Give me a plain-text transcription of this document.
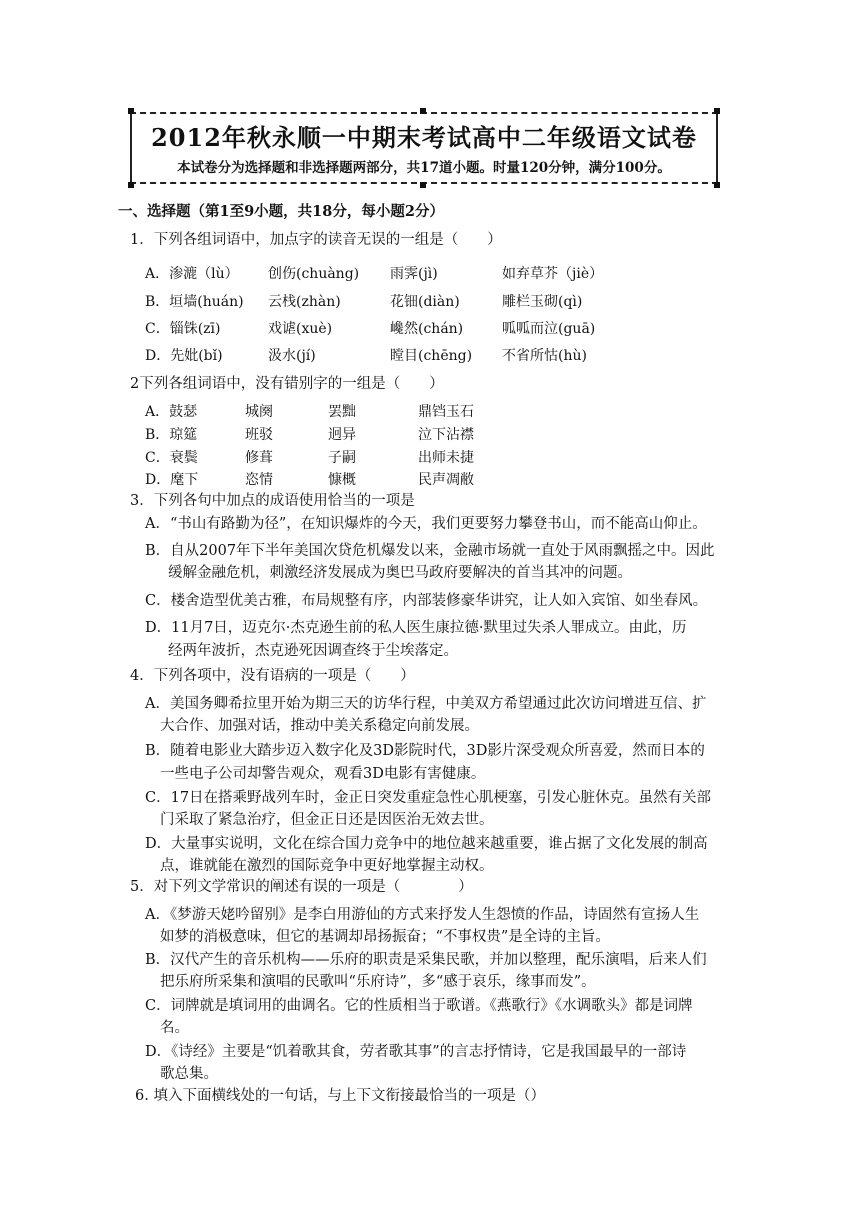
2012年秋永顺一中期末考试高中二年级语文试卷
本试卷分为选择题和非选择题两部分，共17道小题。时量120分钟，满分100分。
一、选择题（第1至9小题，共18分，每小题2分）
1．下列各组词语中，加点字的读音无误的一组是（　　）
A．渗漉（lù） 创伤(chuàng) 雨霁(jì)	如弃草芥（jiè）
B．垣墙(huán) 云栈(zhàn)	花钿(diàn)	雕栏玉砌(qì)
C．锱铢(zī)	戏谑(xuè)	巉然(chán)	呱呱而泣(guā)
D．先妣(bǐ)	汲水(jí)	瞠目(chēng) 不省所怙(hù)
2下列各组词语中，没有错别字的一组是（　　）
A．鼓瑟	城阕	罢黜	鼎铛玉石
B．琼筵	班驳	迥异	泣下沾襟
C．衰鬓	修葺	子嗣	出师未捷
D．麾下	恣情	慷概	民声凋敝
3．下列各句中加点的成语使用恰当的一项是
A．“书山有路勤为径”，在知识爆炸的今天，我们更要努力攀登书山，而不能高山仰止。
B．自从2007年下半年美国次贷危机爆发以来，金融市场就一直处于风雨飘摇之中。因此
缓解金融危机，刺激经济发展成为奥巴马政府要解决的首当其冲的问题。
C．楼舍造型优美古雅，布局规整有序，内部装修豪华讲究，让人如入宾馆、如坐春风。
D．11月7日，迈克尔·杰克逊生前的私人医生康拉德·默里过失杀人罪成立。由此，历
经两年波折，杰克逊死因调查终于尘埃落定。
4．下列各项中，没有语病的一项是（　　）
A．美国务卿希拉里开始为期三天的访华行程，中美双方希望通过此次访问增进互信、扩
大合作、加强对话，推动中美关系稳定向前发展。
B．随着电影业大踏步迈入数字化及3D影院时代，3D影片深受观众所喜爱，然而日本的
一些电子公司却警告观众，观看3D电影有害健康。
C．17日在搭乘野战列车时，金正日突发重症急性心肌梗塞，引发心脏休克。虽然有关部
门采取了紧急治疗，但金正日还是因医治无效去世。
D．大量事实说明，文化在综合国力竞争中的地位越来越重要，谁占据了文化发展的制高
点，谁就能在激烈的国际竞争中更好地掌握主动权。
5．对下列文学常识的阐述有误的一项是（　　　　）
A．《梦游天姥吟留别》是李白用游仙的方式来抒发人生怨愤的作品，诗固然有宣扬人生
如梦的消极意味，但它的基调却昂扬振奋；“不事权贵”是全诗的主旨。
B．汉代产生的音乐机构——乐府的职责是采集民歌，并加以整理，配乐演唱，后来人们
把乐府所采集和演唱的民歌叫“乐府诗”，多“感于哀乐，缘事而发”。
C．词牌就是填词用的曲调名。它的性质相当于歌谱。《燕歌行》《水调歌头》都是词牌
名。
D．《诗经》主要是“饥着歌其食，劳者歌其事”的言志抒情诗，它是我国最早的一部诗
歌总集。
6. 填入下面横线处的一句话，与上下文衔接最恰当的一项是（）
